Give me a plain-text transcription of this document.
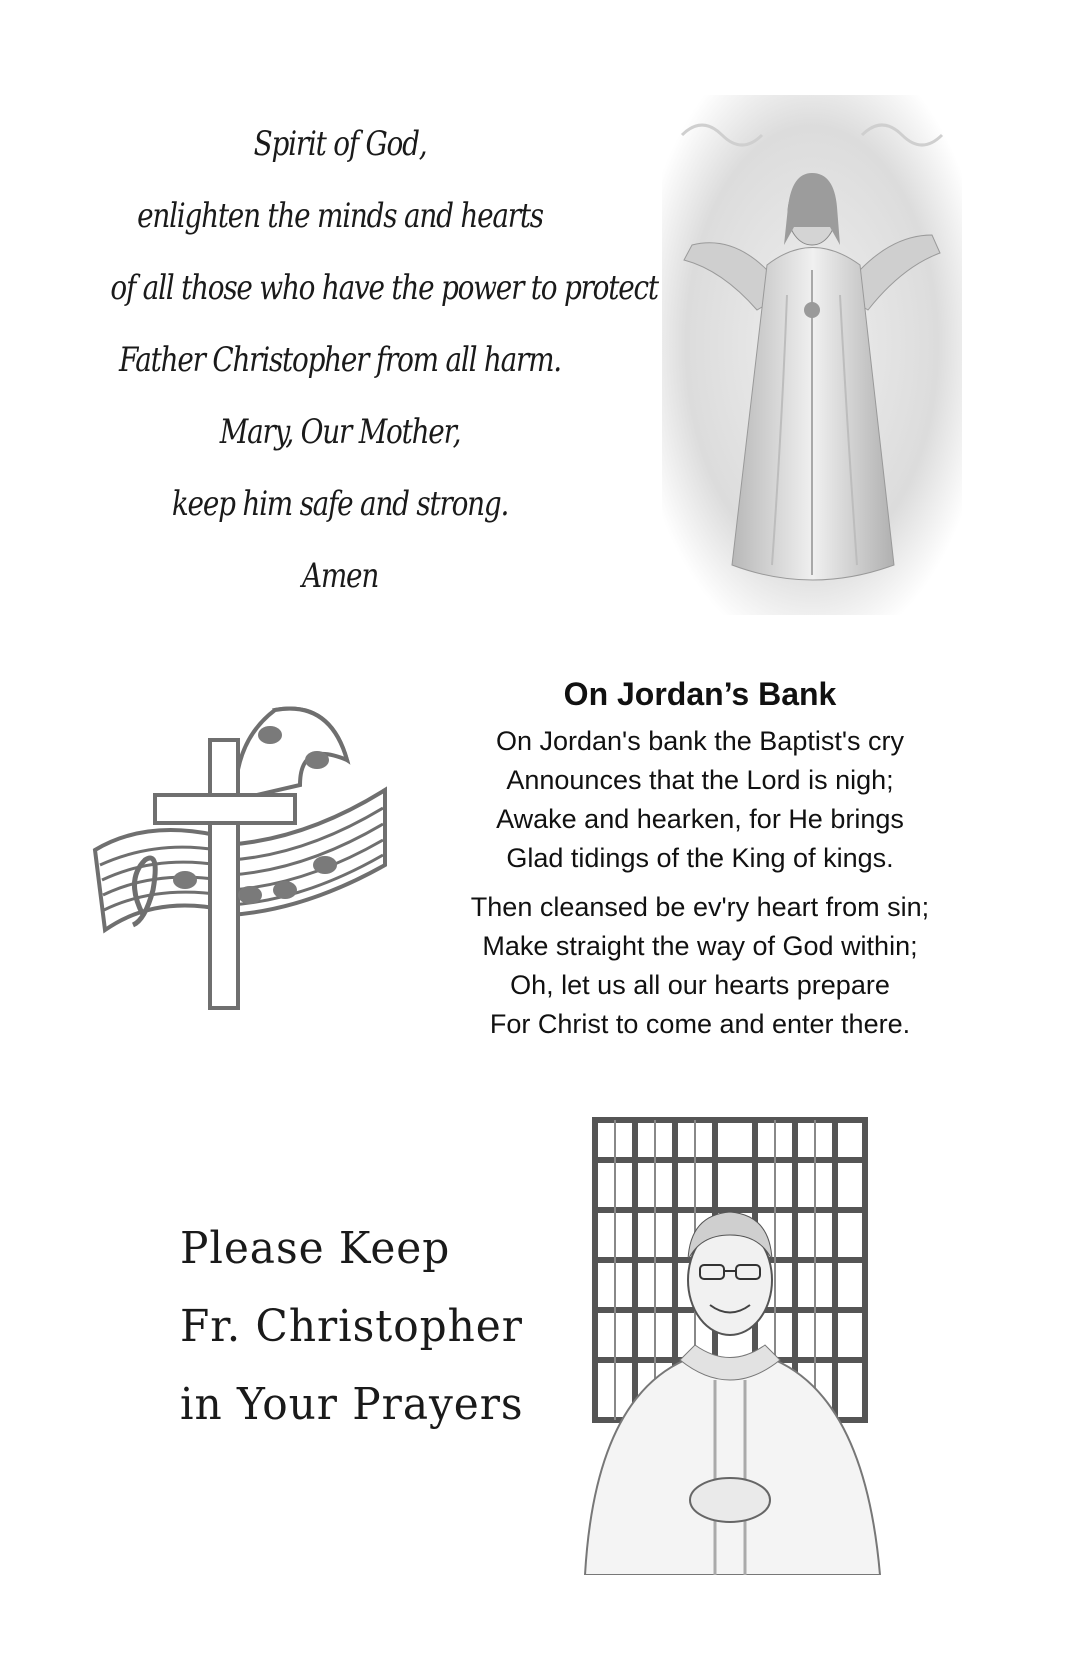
Spirit of God,
enlighten the minds and hearts
of all those who have the power to protect
Father Christopher from all harm.
Mary, Our Mother,
keep him safe and strong.
Amen
On Jordan’s Bank
On Jordan's bank the Baptist's cry
Announces that the Lord is nigh;
Awake and hearken, for He brings
Glad tidings of the King of kings.
Then cleansed be ev'ry heart from sin;
Make straight the way of God within;
Oh, let us all our hearts prepare
For Christ to come and enter there.
Please Keep
Fr. Christopher
in Your Prayers
